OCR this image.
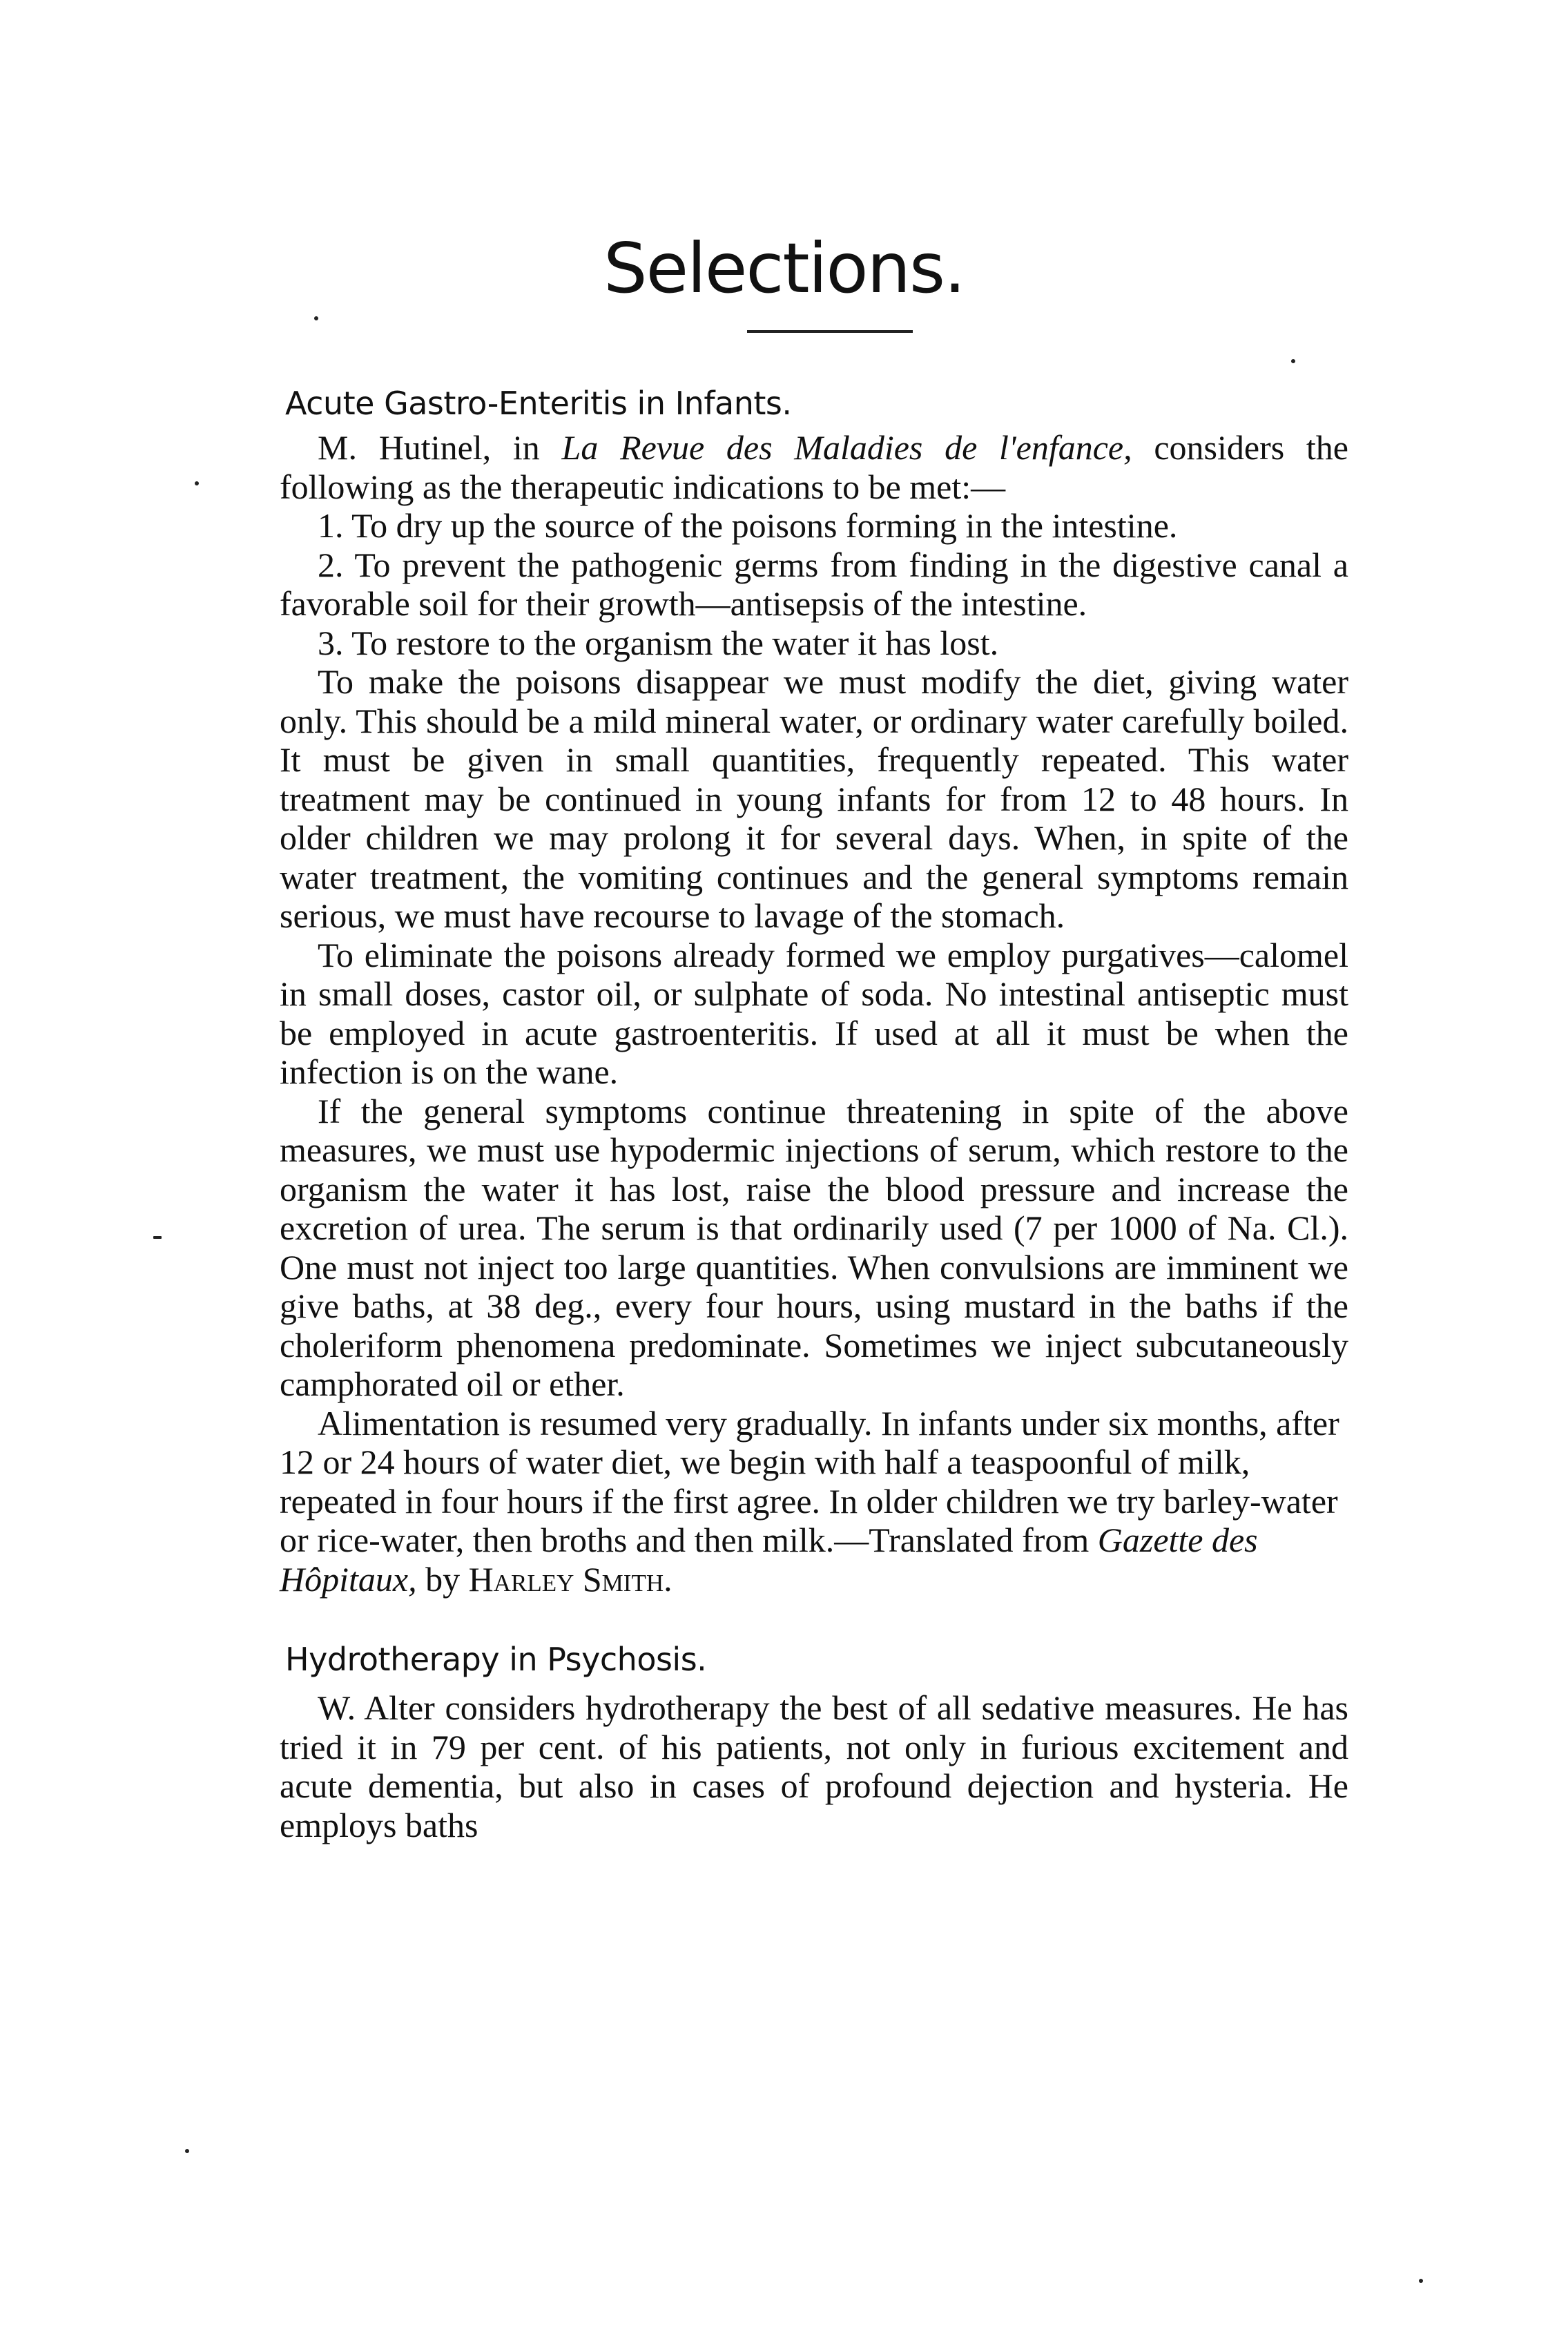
Selections.
Acute Gastro-Enteritis in Infants.

M. Hutinel, in La Revue des Maladies de l'enfance, considers the following as the therapeutic indications to be met:—

1. To dry up the source of the poisons forming in the intestine.

2. To prevent the pathogenic germs from finding in the digestive canal a favorable soil for their growth—antisepsis of the intestine.

3. To restore to the organism the water it has lost.

To make the poisons disappear we must modify the diet, giving water only. This should be a mild mineral water, or ordinary water carefully boiled. It must be given in small quantities, frequently repeated. This water treatment may be continued in young infants for from 12 to 48 hours. In older children we may prolong it for several days. When, in spite of the water treatment, the vomiting continues and the general symptoms remain serious, we must have recourse to lavage of the stomach.

To eliminate the poisons already formed we employ purgatives—calomel in small doses, castor oil, or sulphate of soda. No intestinal antiseptic must be employed in acute gastroenteritis. If used at all it must be when the infection is on the wane.

If the general symptoms continue threatening in spite of the above measures, we must use hypodermic injections of serum, which restore to the organism the water it has lost, raise the blood pressure and increase the excretion of urea. The serum is that ordinarily used (7 per 1000 of Na. Cl.). One must not inject too large quantities. When convulsions are imminent we give baths, at 38 deg., every four hours, using mustard in the baths if the choleriform phenomena predominate. Sometimes we inject subcutaneously camphorated oil or ether.

Alimentation is resumed very gradually. In infants under six months, after 12 or 24 hours of water diet, we begin with half a teaspoonful of milk, repeated in four hours if the first agree. In older children we try barley-water or rice-water, then broths and then milk.—Translated from Gazette des Hôpitaux, by Harley Smith.

Hydrotherapy in Psychosis.

W. Alter considers hydrotherapy the best of all sedative measures. He has tried it in 79 per cent. of his patients, not only in furious excitement and acute dementia, but also in cases of profound dejection and hysteria. He employs baths
